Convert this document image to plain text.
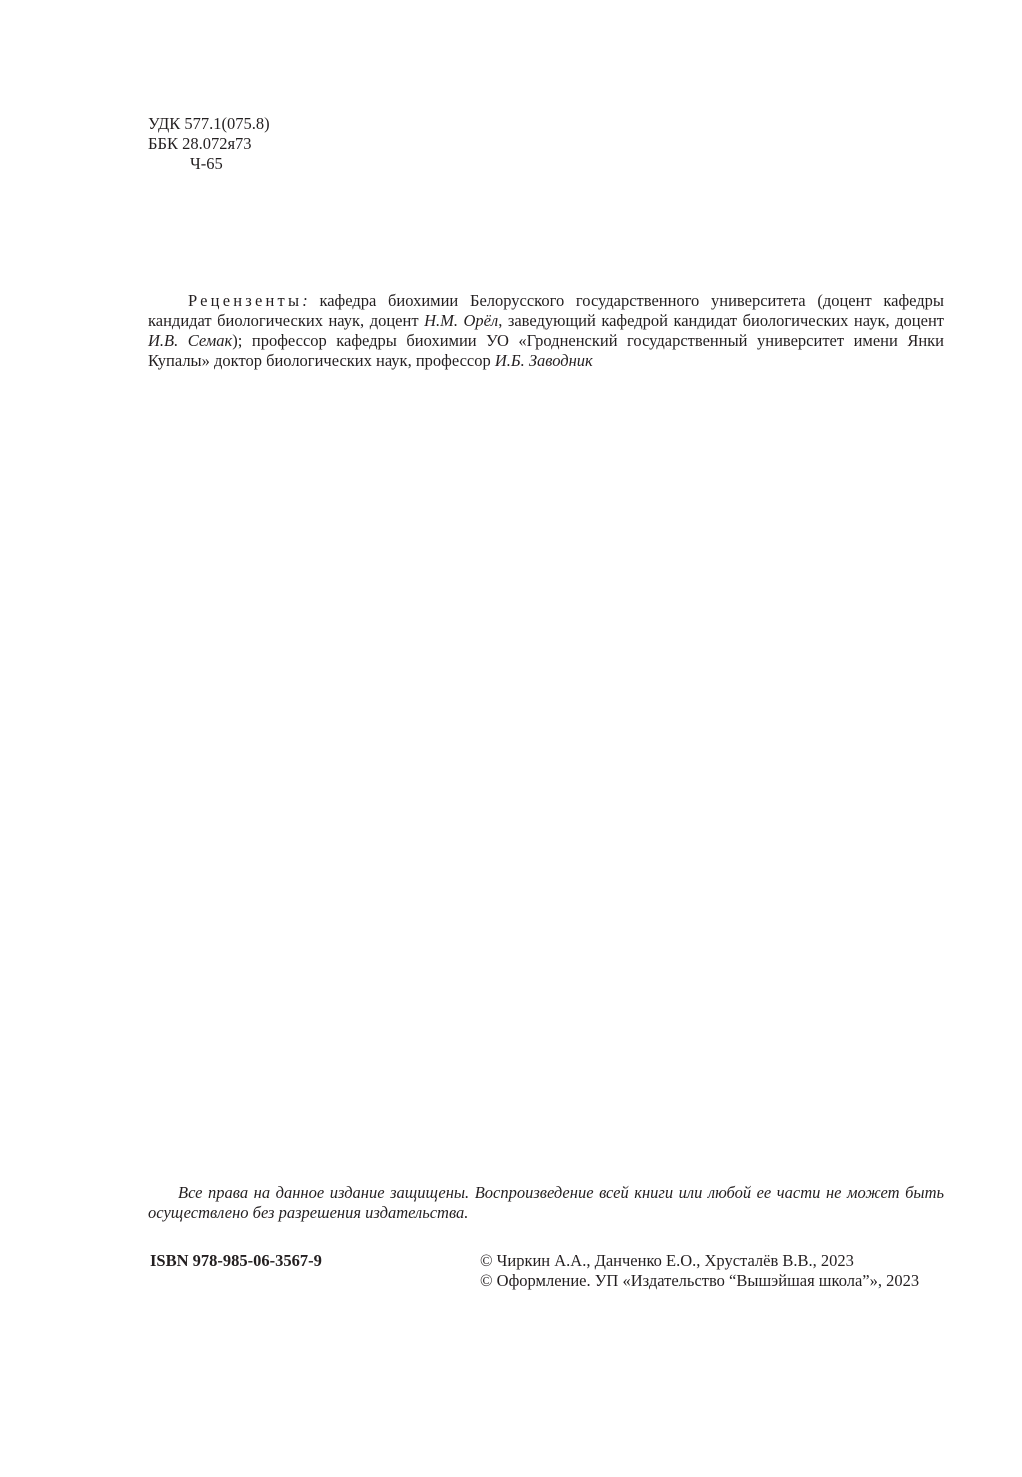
УДК 577.1(075.8)
ББК 28.072я73
Ч-65
Рецензенты: кафедра биохимии Белорусского государственного университета (доцент кафедры кандидат биологических наук, доцент Н.М. Орёл, заведующий кафедрой кандидат биологических наук, доцент И.В. Семак); профессор кафедры биохимии УО «Гродненский государственный университет имени Янки Купалы» доктор биологических наук, профессор И.Б. Заводник
Все права на данное издание защищены. Воспроизведение всей книги или любой ее части не может быть осуществлено без разрешения издательства.
ISBN 978-985-06-3567-9	© Чиркин А.А., Данченко Е.О., Хрусталёв В.В., 2023
© Оформление. УП «Издательство “Вышэйшая школа”», 2023
